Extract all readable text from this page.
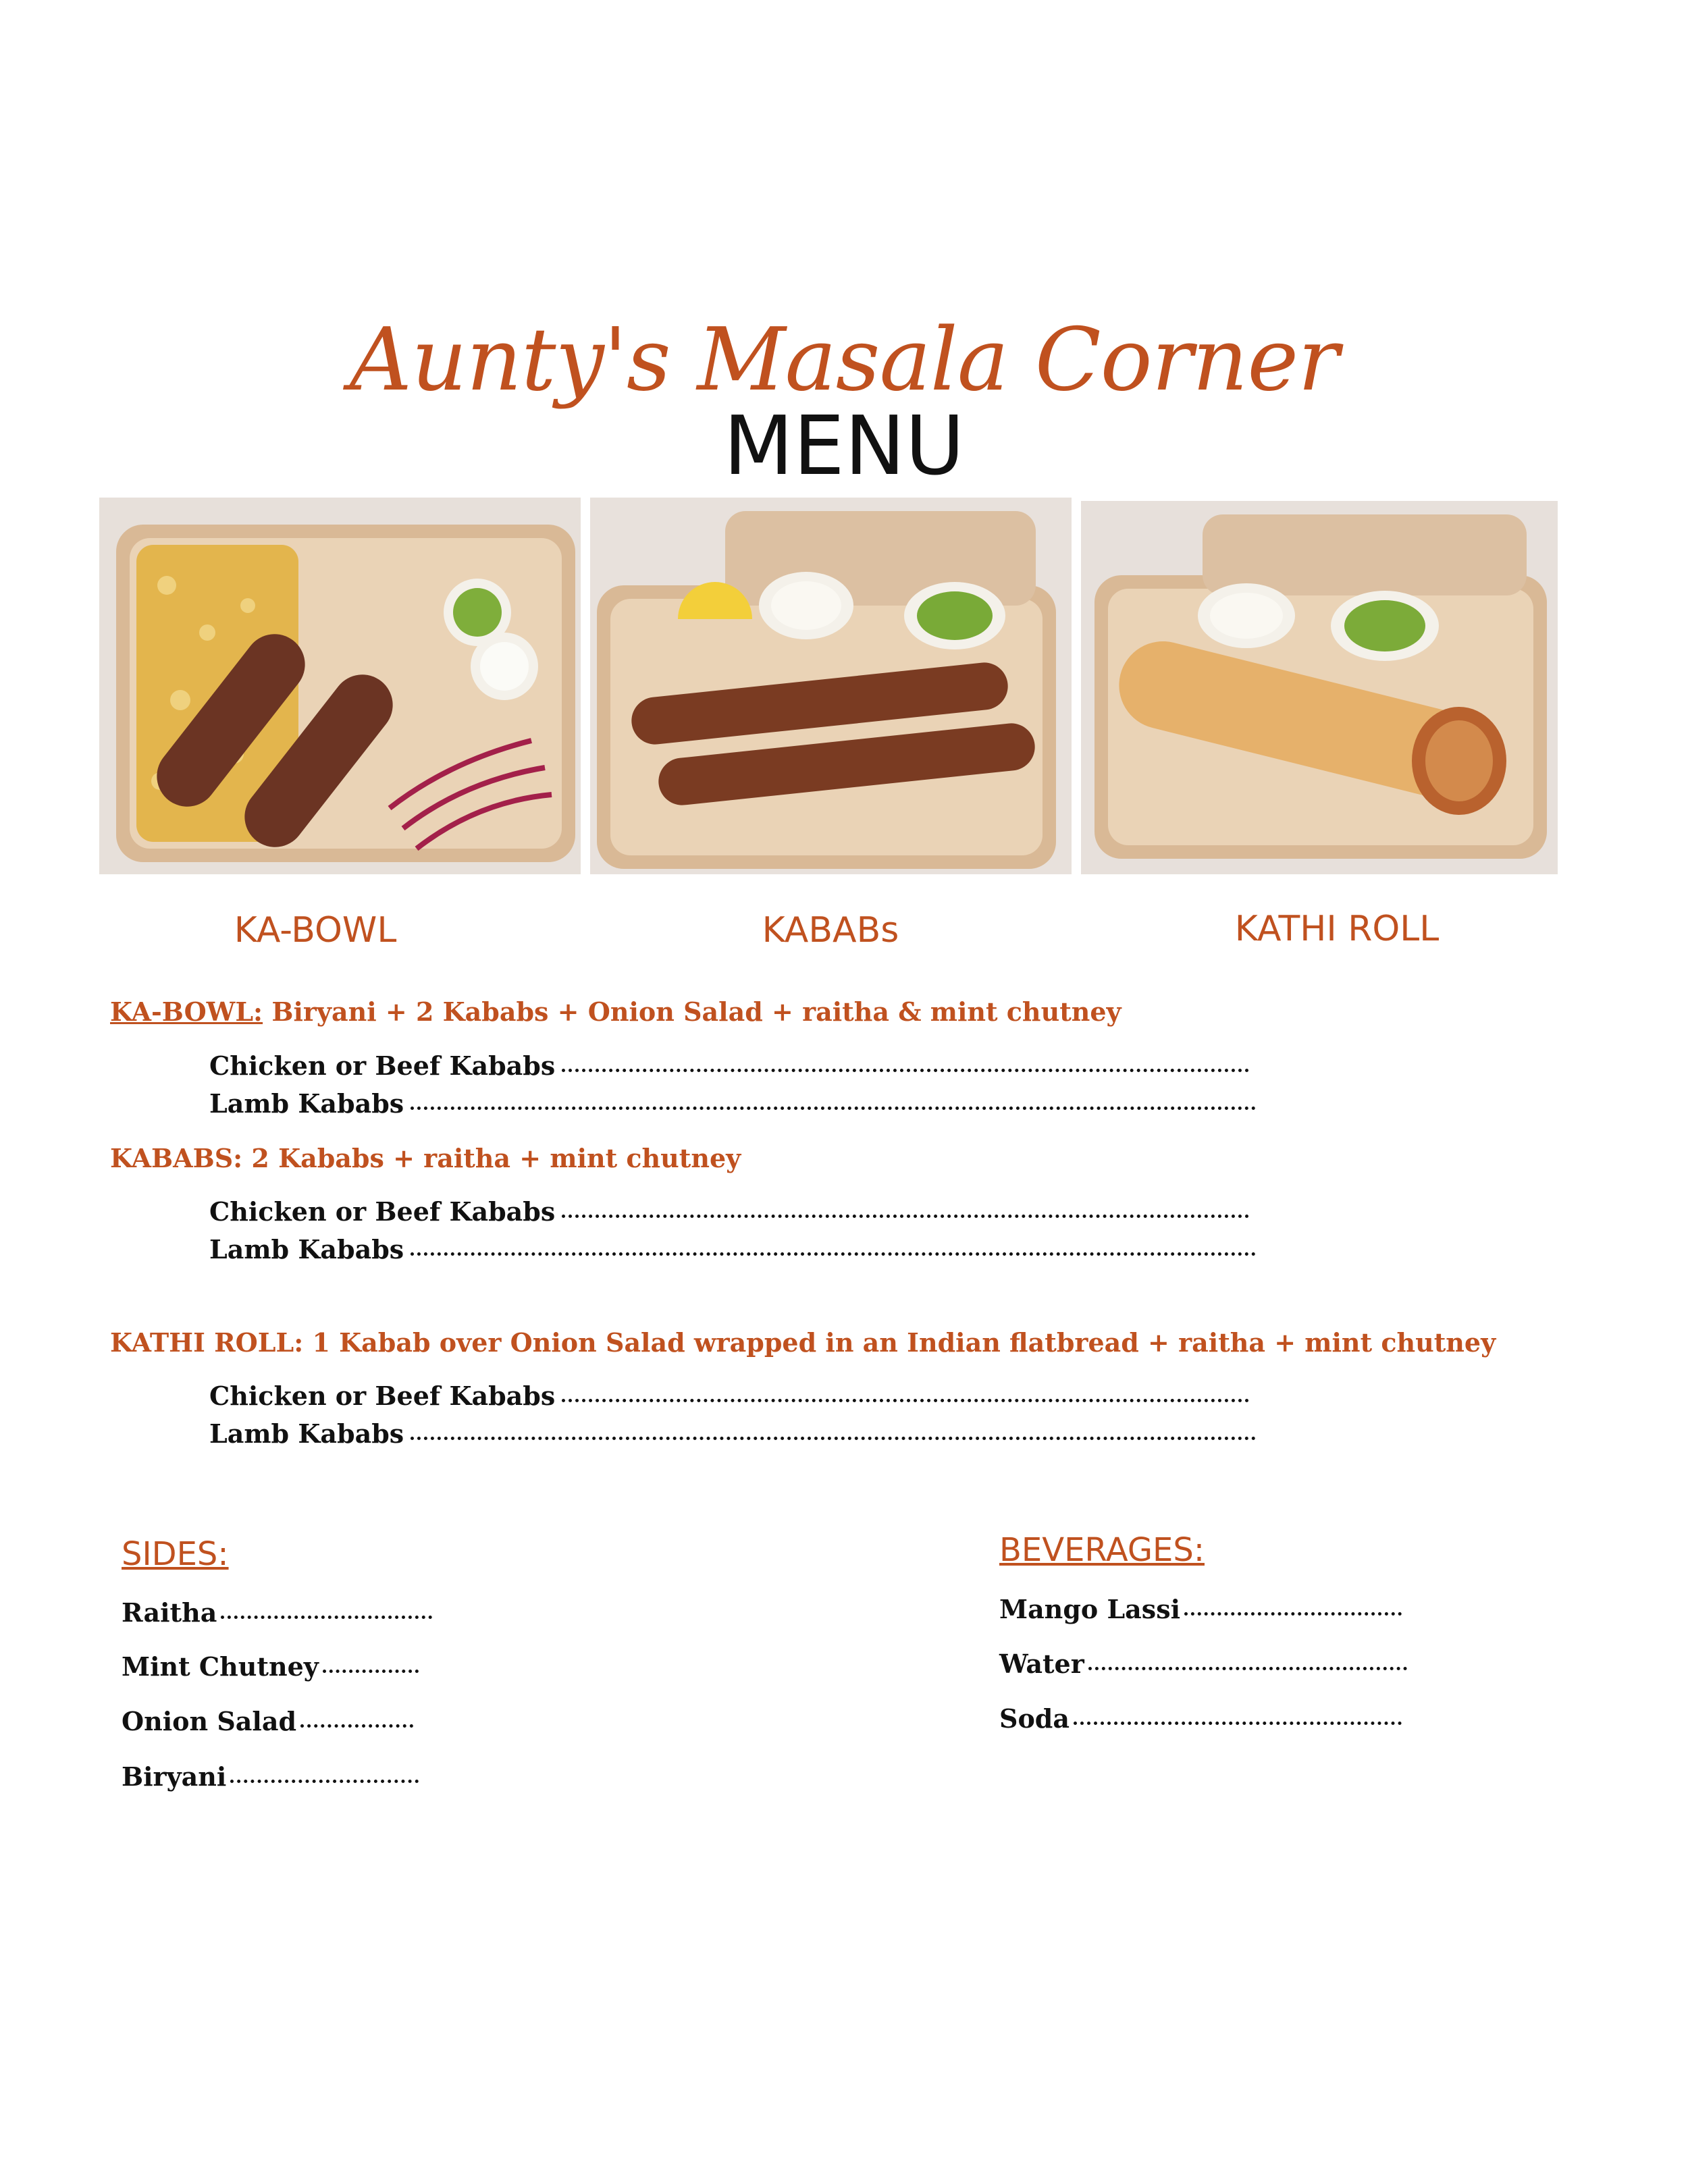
Aunty's Masala Corner
MENU
KA-BOWL	KABABs	KATHI ROLL
KA-BOWL: Biryani + 2 Kababs + Onion Salad + raitha & mint chutney
Chicken or Beef Kababs
Lamb Kababs
KABABS: 2 Kababs + raitha + mint chutney
Chicken or Beef Kababs
Lamb Kababs
KATHI ROLL: 1 Kabab over Onion Salad wrapped in an Indian flatbread + raitha + mint chutney
Chicken or Beef Kababs
Lamb Kababs
SIDES:
Raitha
Mint Chutney
Onion Salad
Biryani
BEVERAGES:
Mango Lassi
Water
Soda
